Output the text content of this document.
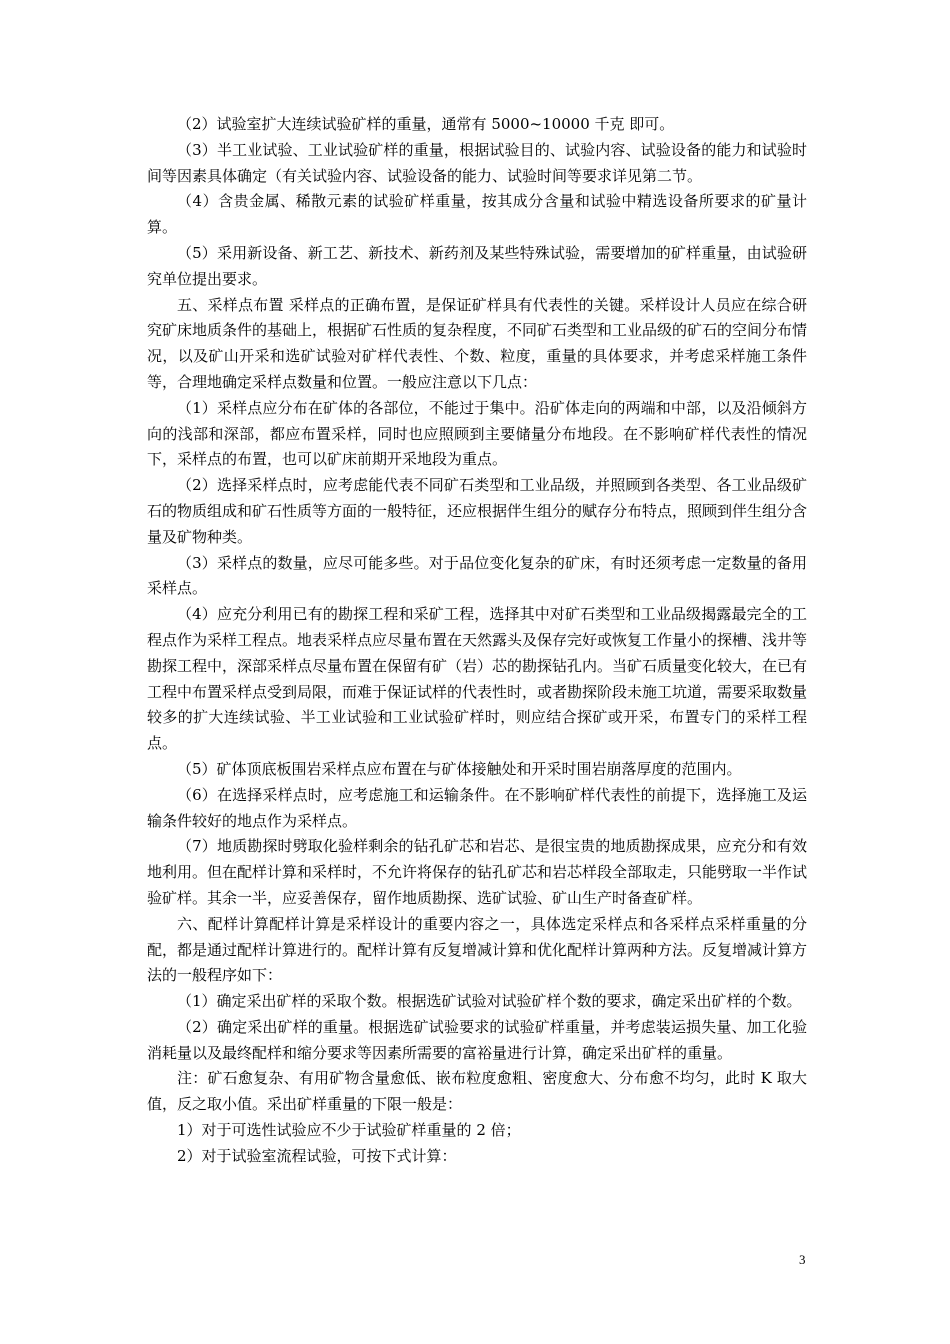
（2）试验室扩大连续试验矿样的重量，通常有 5000~10000 千克 即可。

（3）半工业试验、工业试验矿样的重量，根据试验目的、试验内容、试验设备的能力和试验时间等因素具体确定（有关试验内容、试验设备的能力、试验时间等要求详见第二节。

（4）含贵金属、稀散元素的试验矿样重量，按其成分含量和试验中精选设备所要求的矿量计算。

（5）采用新设备、新工艺、新技术、新药剂及某些特殊试验，需要增加的矿样重量，由试验研究单位提出要求。

五、采样点布置 采样点的正确布置，是保证矿样具有代表性的关键。采样设计人员应在综合研究矿床地质条件的基础上，根据矿石性质的复杂程度，不同矿石类型和工业品级的矿石的空间分布情况，以及矿山开采和选矿试验对矿样代表性、个数、粒度，重量的具体要求，并考虑采样施工条件等，合理地确定采样点数量和位置。一般应注意以下几点：

（1）采样点应分布在矿体的各部位，不能过于集中。沿矿体走向的两端和中部，以及沿倾斜方向的浅部和深部，都应布置采样，同时也应照顾到主要储量分布地段。在不影响矿样代表性的情况下，采样点的布置，也可以矿床前期开采地段为重点。

（2）选择采样点时，应考虑能代表不同矿石类型和工业品级，并照顾到各类型、各工业品级矿石的物质组成和矿石性质等方面的一般特征，还应根据伴生组分的赋存分布特点，照顾到伴生组分含量及矿物种类。

（3）采样点的数量，应尽可能多些。对于品位变化复杂的矿床，有时还须考虑一定数量的备用采样点。

（4）应充分利用已有的勘探工程和采矿工程，选择其中对矿石类型和工业品级揭露最完全的工程点作为采样工程点。地表采样点应尽量布置在天然露头及保存完好或恢复工作量小的探槽、浅井等勘探工程中，深部采样点尽量布置在保留有矿（岩）芯的勘探钻孔内。当矿石质量变化较大，在已有工程中布置采样点受到局限，而难于保证试样的代表性时，或者勘探阶段未施工坑道，需要采取数量较多的扩大连续试验、半工业试验和工业试验矿样时，则应结合探矿或开采，布置专门的采样工程点。

（5）矿体顶底板围岩采样点应布置在与矿体接触处和开采时围岩崩落厚度的范围内。

（6）在选择采样点时，应考虑施工和运输条件。在不影响矿样代表性的前提下，选择施工及运输条件较好的地点作为采样点。

（7）地质勘探时劈取化验样剩余的钻孔矿芯和岩芯、是很宝贵的地质勘探成果，应充分和有效地利用。但在配样计算和采样时，不允许将保存的钻孔矿芯和岩芯样段全部取走，只能劈取一半作试验矿样。其余一半，应妥善保存，留作地质勘探、选矿试验、矿山生产时备查矿样。

六、配样计算配样计算是采样设计的重要内容之一，具体选定采样点和各采样点采样重量的分配，都是通过配样计算进行的。配样计算有反复增减计算和优化配样计算两种方法。反复增减计算方法的一般程序如下：

（1）确定采出矿样的采取个数。根据选矿试验对试验矿样个数的要求，确定采出矿样的个数。

（2）确定采出矿样的重量。根据选矿试验要求的试验矿样重量，并考虑装运损失量、加工化验消耗量以及最终配样和缩分要求等因素所需要的富裕量进行计算，确定采出矿样的重量。

注：矿石愈复杂、有用矿物含量愈低、嵌布粒度愈粗、密度愈大、分布愈不均匀，此时 K 取大值，反之取小值。采出矿样重量的下限一般是：

1）对于可选性试验应不少于试验矿样重量的 2 倍；

2）对于试验室流程试验，可按下式计算：

3
